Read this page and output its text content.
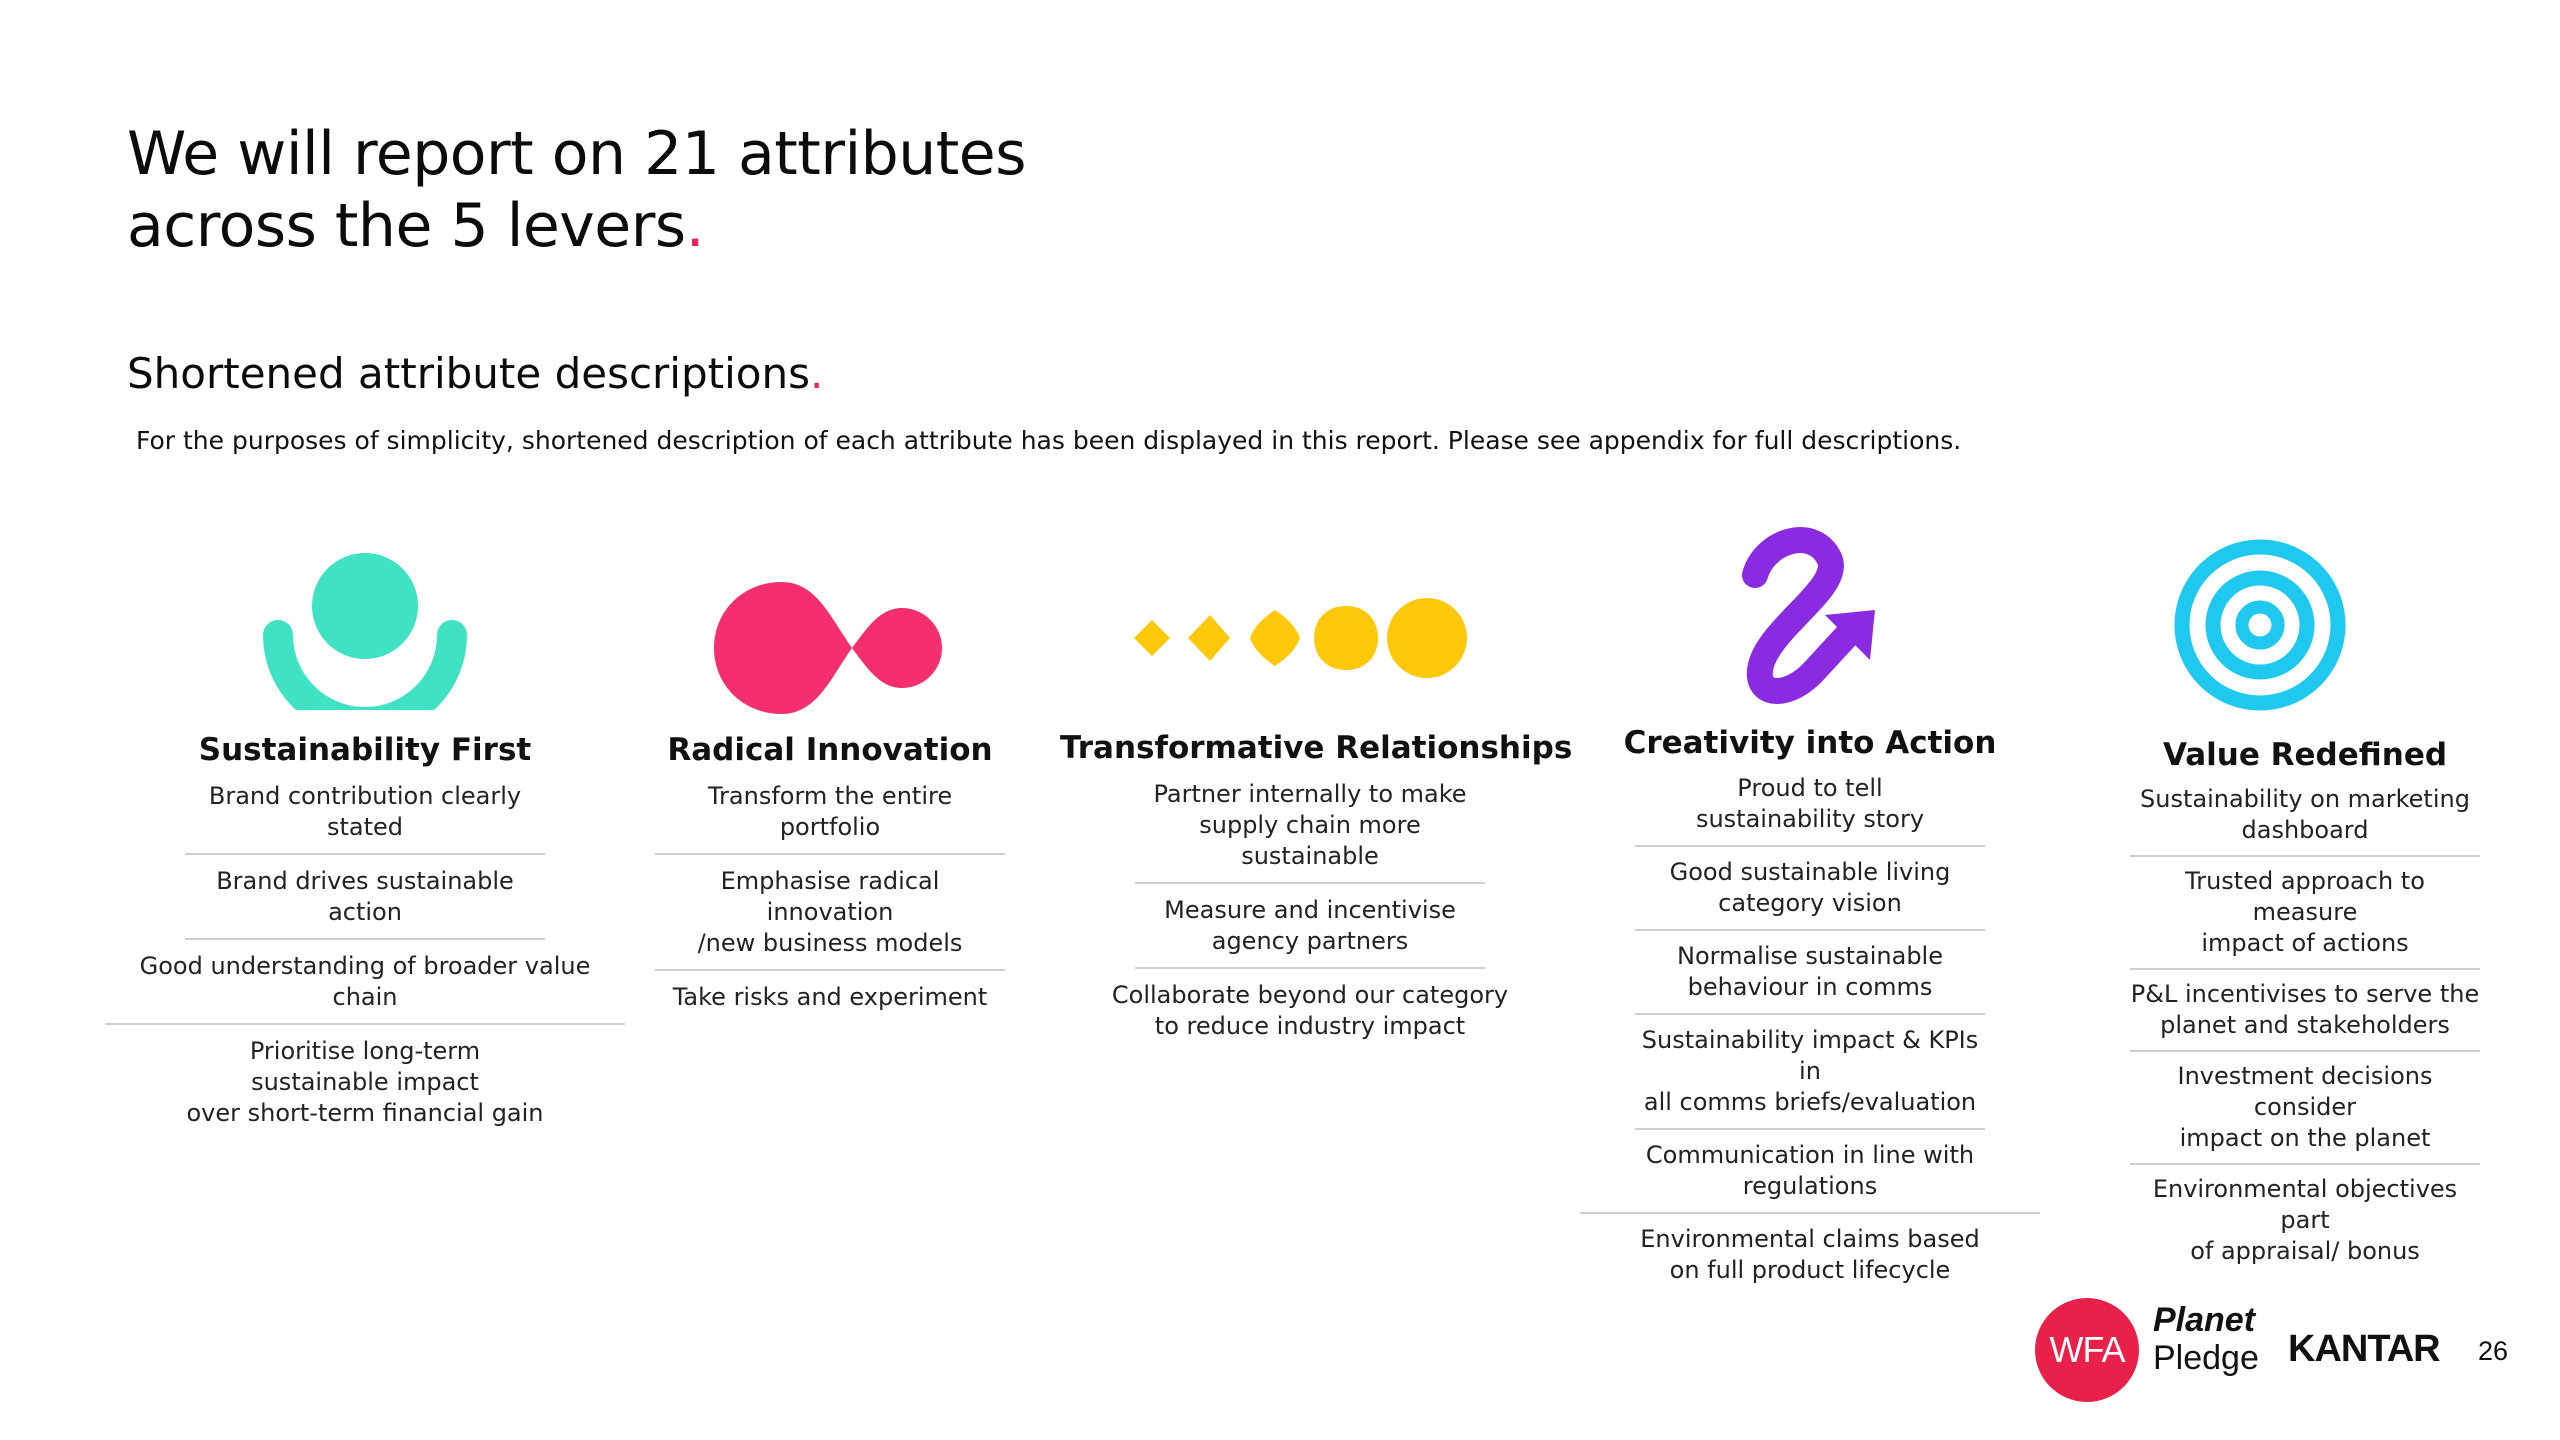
We will report on 21 attributes
across the 5 levers.
Shortened attribute descriptions.

For the purposes of simplicity, shortened description of each attribute has been displayed in this report. Please see appendix for full descriptions.

Sustainability First
Brand contribution clearly stated
Brand drives sustainable action
Good understanding of broader value chain
Prioritise long-term sustainable impact
over short-term financial gain
Radical Innovation
Transform the entire portfolio
Emphasise radical innovation
/new business models
Take risks and experiment
Transformative Relationships
Partner internally to make
supply chain more sustainable
Measure and incentivise
agency partners
Collaborate beyond our category
to reduce industry impact
Creativity into Action
Proud to tell
sustainability story
Good sustainable living
category vision
Normalise sustainable
behaviour in comms
Sustainability impact & KPIs in
all comms briefs/evaluation
Communication in line with regulations
Environmental claims based
on full product lifecycle
Value Redefined
Sustainability on marketing
dashboard
Trusted approach to measure
impact of actions
P&L incentivises to serve the
planet and stakeholders
Investment decisions consider
impact on the planet
Environmental objectives part
of appraisal/ bonus
WFA
Planet
Pledge KANTAR 26
